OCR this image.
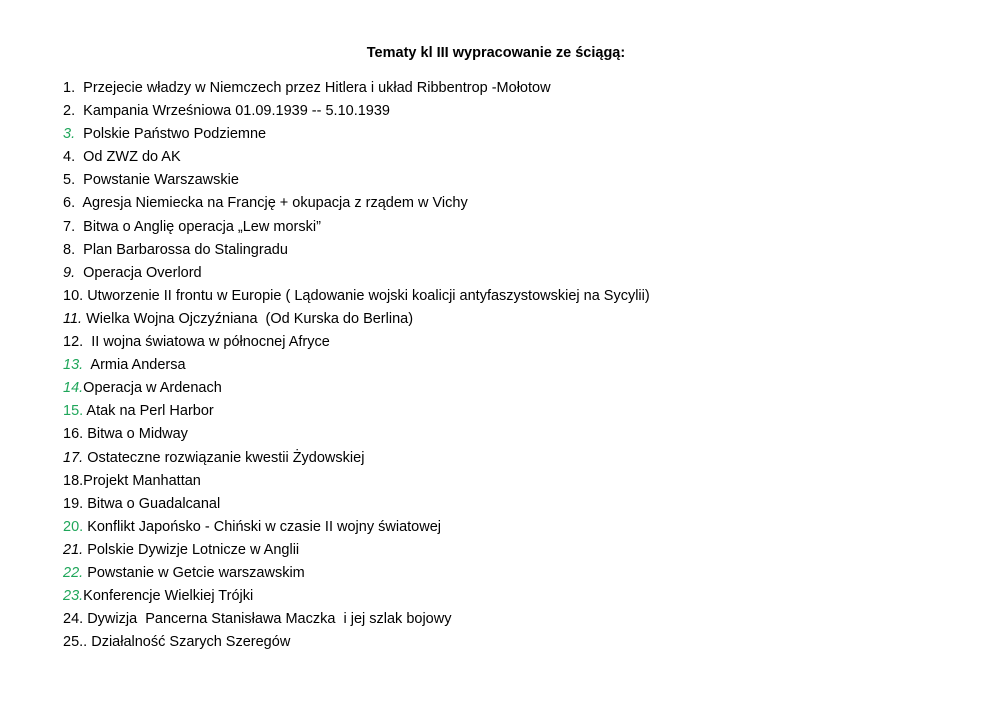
Tematy kl III wypracowanie ze ściągą:
1.  Przejecie władzy w Niemczech przez Hitlera i układ Ribbentrop -Mołotow
2.  Kampania Wrześniowa 01.09.1939 -- 5.10.1939
3.  Polskie Państwo Podziemne
4.  Od ZWZ do AK
5.  Powstanie Warszawskie
6.  Agresja Niemiecka na Francję + okupacja z rządem w Vichy
7.  Bitwa o Anglię operacja „Lew morski”
8.  Plan Barbarossa do Stalingradu
9.  Operacja Overlord
10. Utworzenie II frontu w Europie ( Lądowanie wojski koalicji antyfaszystowskiej na Sycylii)
11. Wielka Wojna Ojczyźniana  (Od Kurska do Berlina)
12.  II wojna światowa w północnej Afryce
13.  Armia Andersa
14.Operacja w Ardenach
15. Atak na Perl Harbor
16. Bitwa o Midway
17. Ostateczne rozwiązanie kwestii Żydowskiej
18.Projekt Manhattan
19. Bitwa o Guadalcanal
20. Konflikt Japońsko - Chiński w czasie II wojny światowej
21. Polskie Dywizje Lotnicze w Anglii
22. Powstanie w Getcie warszawskim
23.Konferencje Wielkiej Trójki
24. Dywizja  Pancerna Stanisława Maczka  i jej szlak bojowy
25.. Działalność Szarych Szeregów
